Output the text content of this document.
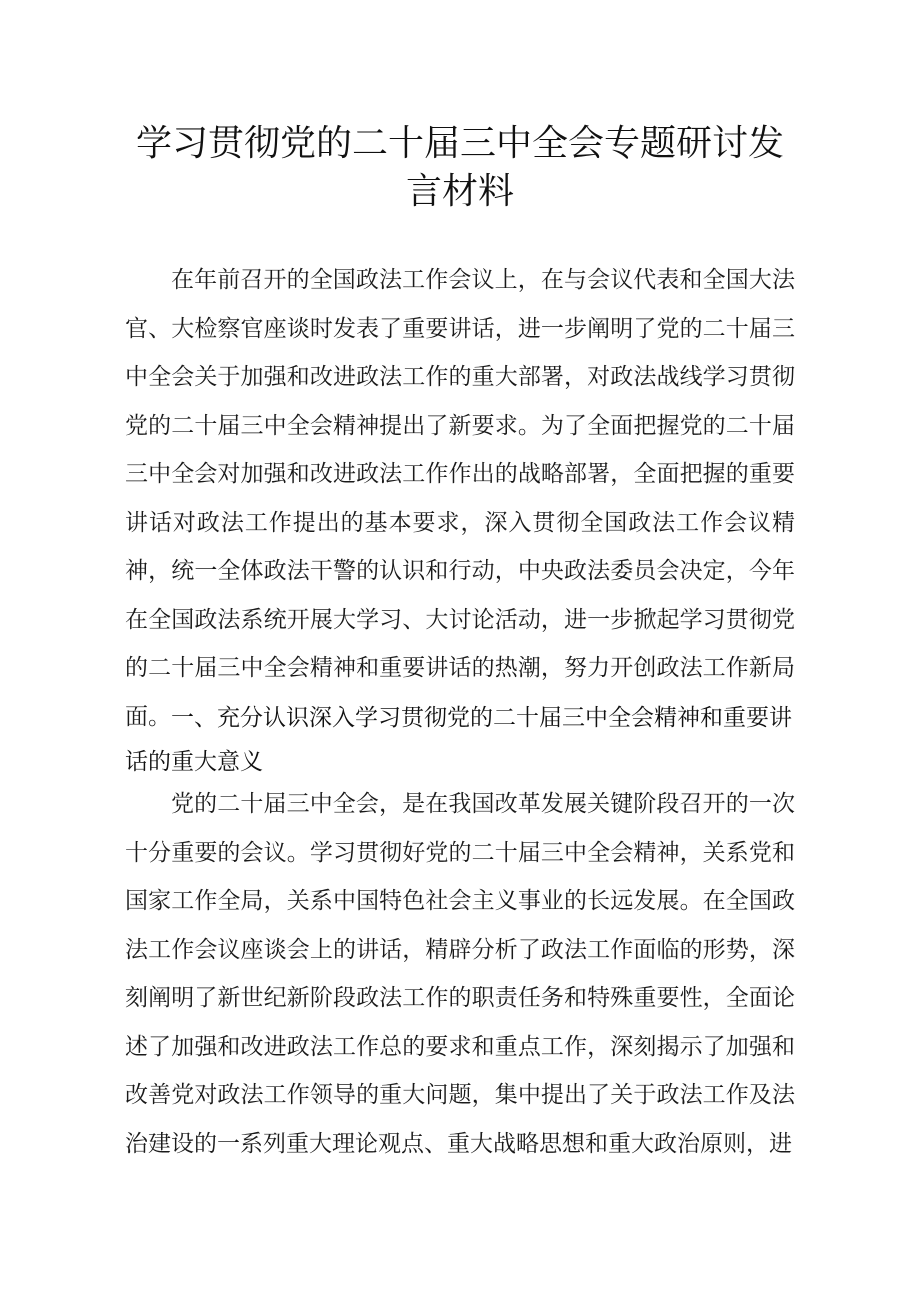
学习贯彻党的二十届三中全会专题研讨发
言材料

在年前召开的全国政法工作会议上，在与会议代表和全国大法官、大检察官座谈时发表了重要讲话，进一步阐明了党的二十届三中全会关于加强和改进政法工作的重大部署，对政法战线学习贯彻党的二十届三中全会精神提出了新要求。为了全面把握党的二十届三中全会对加强和改进政法工作作出的战略部署，全面把握的重要讲话对政法工作提出的基本要求，深入贯彻全国政法工作会议精神，统一全体政法干警的认识和行动，中央政法委员会决定，今年在全国政法系统开展大学习、大讨论活动，进一步掀起学习贯彻党的二十届三中全会精神和重要讲话的热潮，努力开创政法工作新局面。 一、充分认识深入学习贯彻党的二十届三中全会精神和重要讲话的重大意义

党的二十届三中全会，是在我国改革发展关键阶段召开的一次十分重要的会议。学习贯彻好党的二十届三中全会精神，关系党和国家工作全局，关系中国特色社会主义事业的长远发展。在全国政法工作会议座谈会上的讲话，精辟分析了政法工作面临的形势，深刻阐明了新世纪新阶段政法工作的职责任务和特殊重要性，全面论述了加强和改进政法工作总的要求和重点工作，深刻揭示了加强和改善党对政法工作领导的重大问题，集中提出了关于政法工作及法治建设的一系列重大理论观点、重大战略思想和重大政治原则，进
